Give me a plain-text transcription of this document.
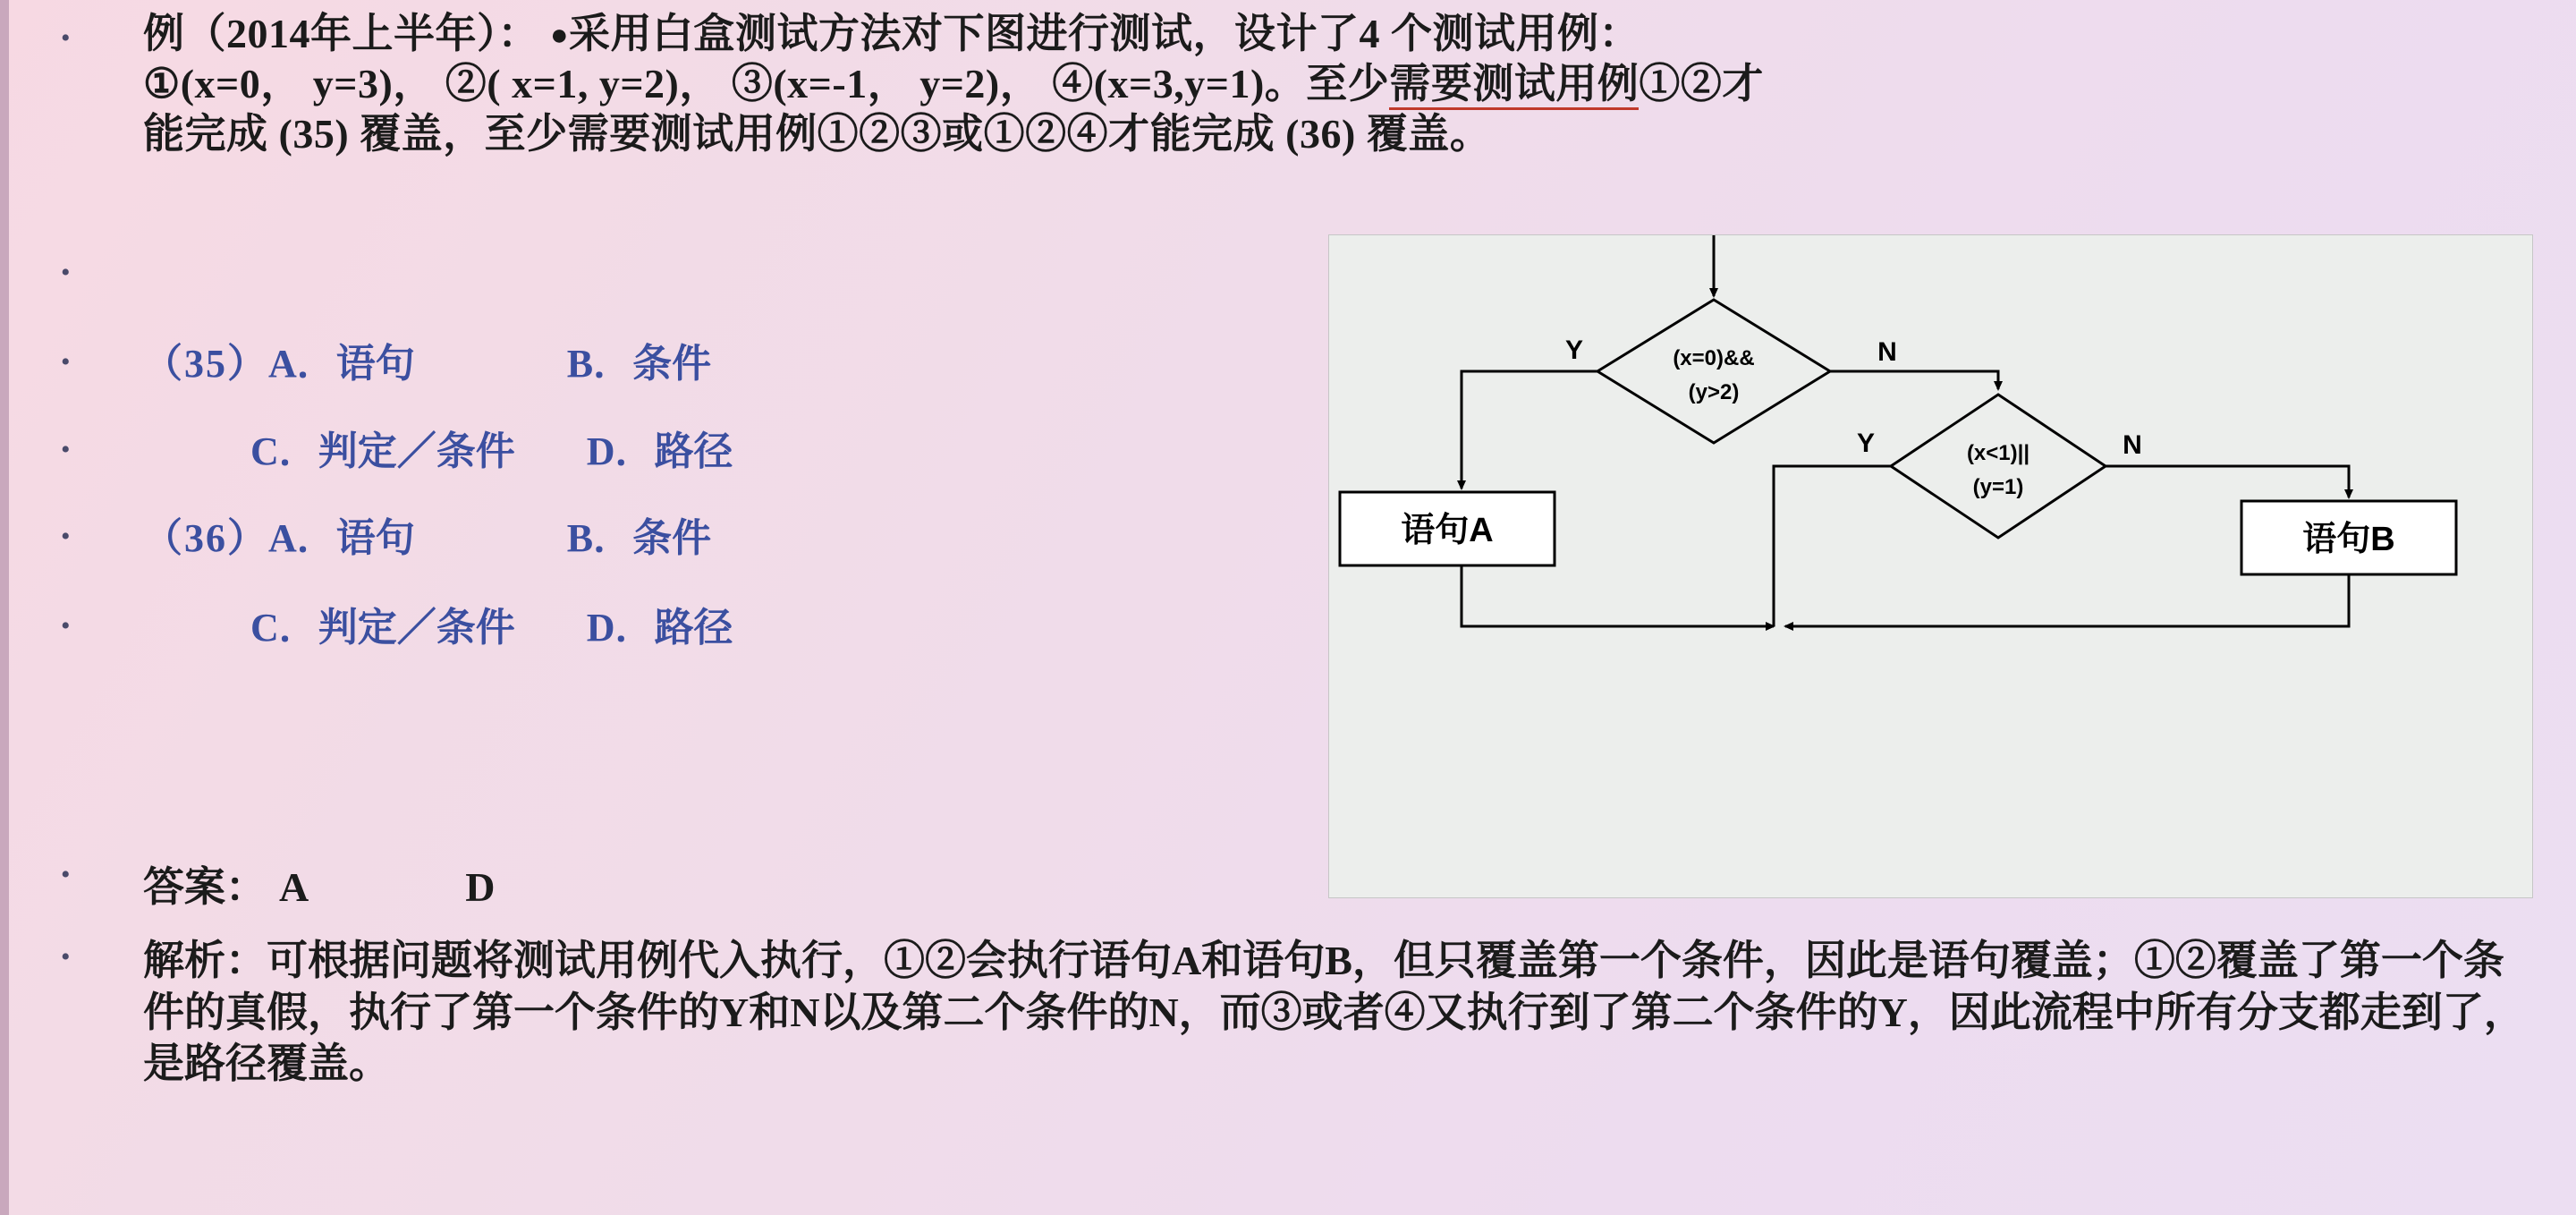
•
•
•
•
•
•
•
•
例（2014年上半年）： ●采用白盒测试方法对下图进行测试，设计了4 个测试用例：
①(x=0， y=3)， ②( x=1, y=2)， ③(x=-1， y=2)， ④(x=3,y=1)。至少需要测试用例①②才
能完成 (35) 覆盖，至少需要测试用例①②③或①②④才能完成 (36) 覆盖。
（35）A．语句	B．条件
C．判定／条件 D．路径
（36）A．语句	B．条件
C．判定／条件 D．路径
答案： A	D
解析：可根据问题将测试用例代入执行，①②会执行语句A和语句B，但只覆盖第一个条件，因此是语句覆盖；①②覆盖了第一个条件的真假，执行了第一个条件的Y和N以及第二个条件的N，而③或者④又执行到了第二个条件的Y，因此流程中所有分支都走到了，是路径覆盖。
(x=0)&&
(y>2)
Y	N
(x<1)||
(y=1)
Y	N
语句A	语句B
